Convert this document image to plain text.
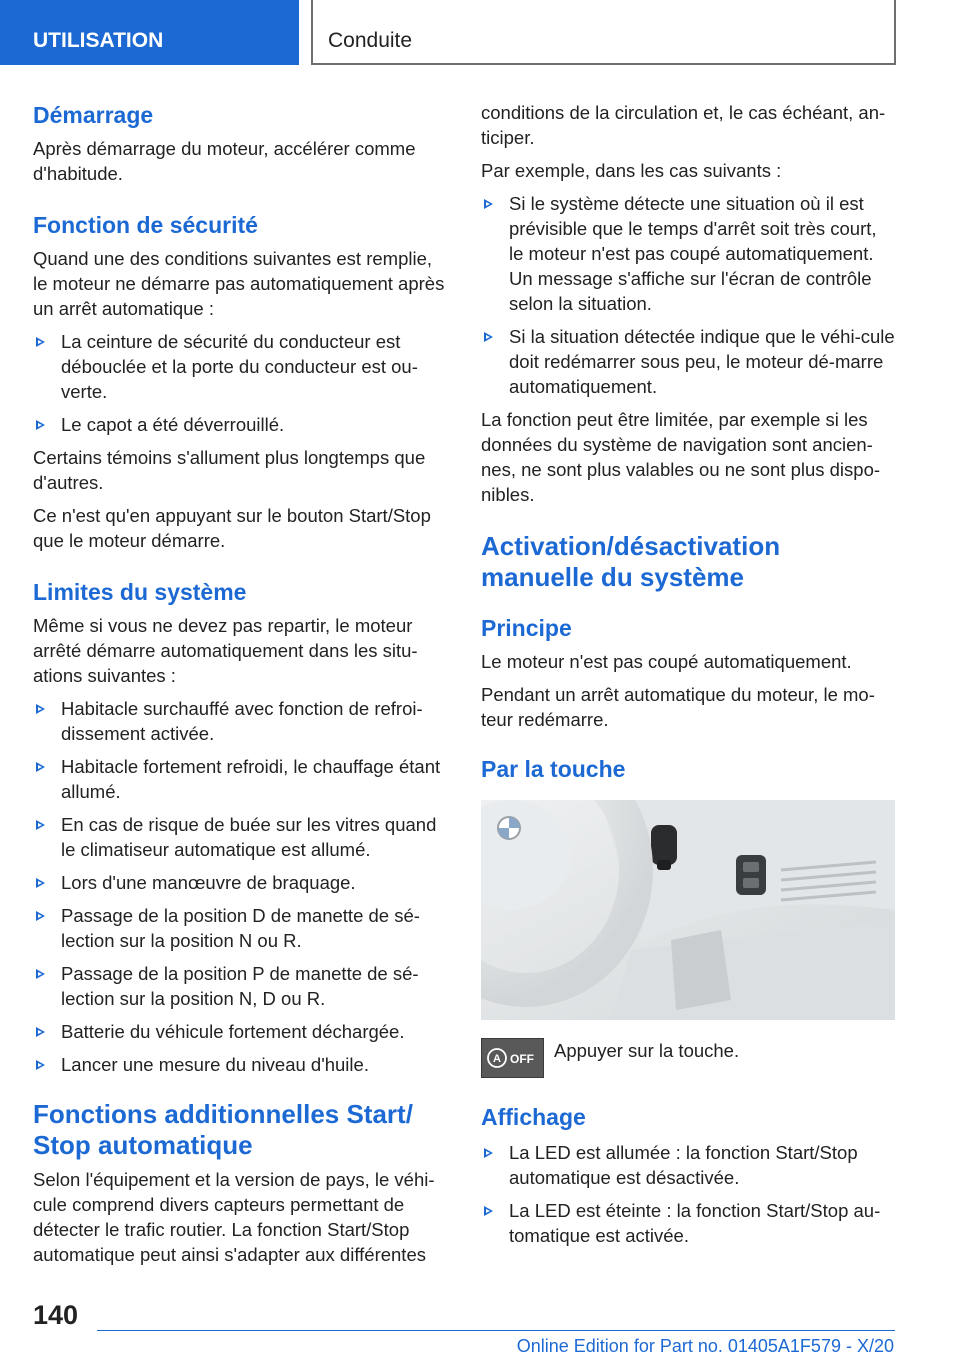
UTILISATION	Conduite
Démarrage

Après démarrage du moteur, accélérer comme d'habitude.

Fonction de sécurité

Quand une des conditions suivantes est remplie, le moteur ne démarre pas automatiquement après un arrêt automatique :

La ceinture de sécurité du conducteur est débouclée et la porte du conducteur est ou-verte.
Le capot a été déverrouillé.

Certains témoins s'allument plus longtemps que d'autres.

Ce n'est qu'en appuyant sur le bouton Start/Stop que le moteur démarre.

Limites du système

Même si vous ne devez pas repartir, le moteur arrêté démarre automatiquement dans les situ-ations suivantes :

Habitacle surchauffé avec fonction de refroi-dissement activée.
Habitacle fortement refroidi, le chauffage étant allumé.
En cas de risque de buée sur les vitres quand le climatiseur automatique est allumé.
Lors d'une manœuvre de braquage.
Passage de la position D de manette de sé-lection sur la position N ou R.
Passage de la position P de manette de sé-lection sur la position N, D ou R.
Batterie du véhicule fortement déchargée.
Lancer une mesure du niveau d'huile.
Fonctions additionnelles Start/ Stop automatique

Selon l'équipement et la version de pays, le véhi-cule comprend divers capteurs permettant de détecter le trafic routier. La fonction Start/Stop automatique peut ainsi s'adapter aux différentes

conditions de la circulation et, le cas échéant, an-ticiper.

Par exemple, dans les cas suivants :

Si le système détecte une situation où il est prévisible que le temps d'arrêt soit très court, le moteur n'est pas coupé automatiquement. Un message s'affiche sur l'écran de contrôle selon la situation.
Si la situation détectée indique que le véhi-cule doit redémarrer sous peu, le moteur dé-marre automatiquement.

La fonction peut être limitée, par exemple si les données du système de navigation sont ancien-nes, ne sont plus valables ou ne sont plus dispo-nibles.

Activation/désactivation manuelle du système
Principe

Le moteur n'est pas coupé automatiquement.

Pendant un arrêt automatique du moteur, le mo-teur redémarre.

Par la touche
A OFF Appuyer sur la touche.
Affichage
La LED est allumée : la fonction Start/Stop automatique est désactivée.
La LED est éteinte : la fonction Start/Stop au-tomatique est activée.
140
Online Edition for Part no. 01405A1F579 - X/20
